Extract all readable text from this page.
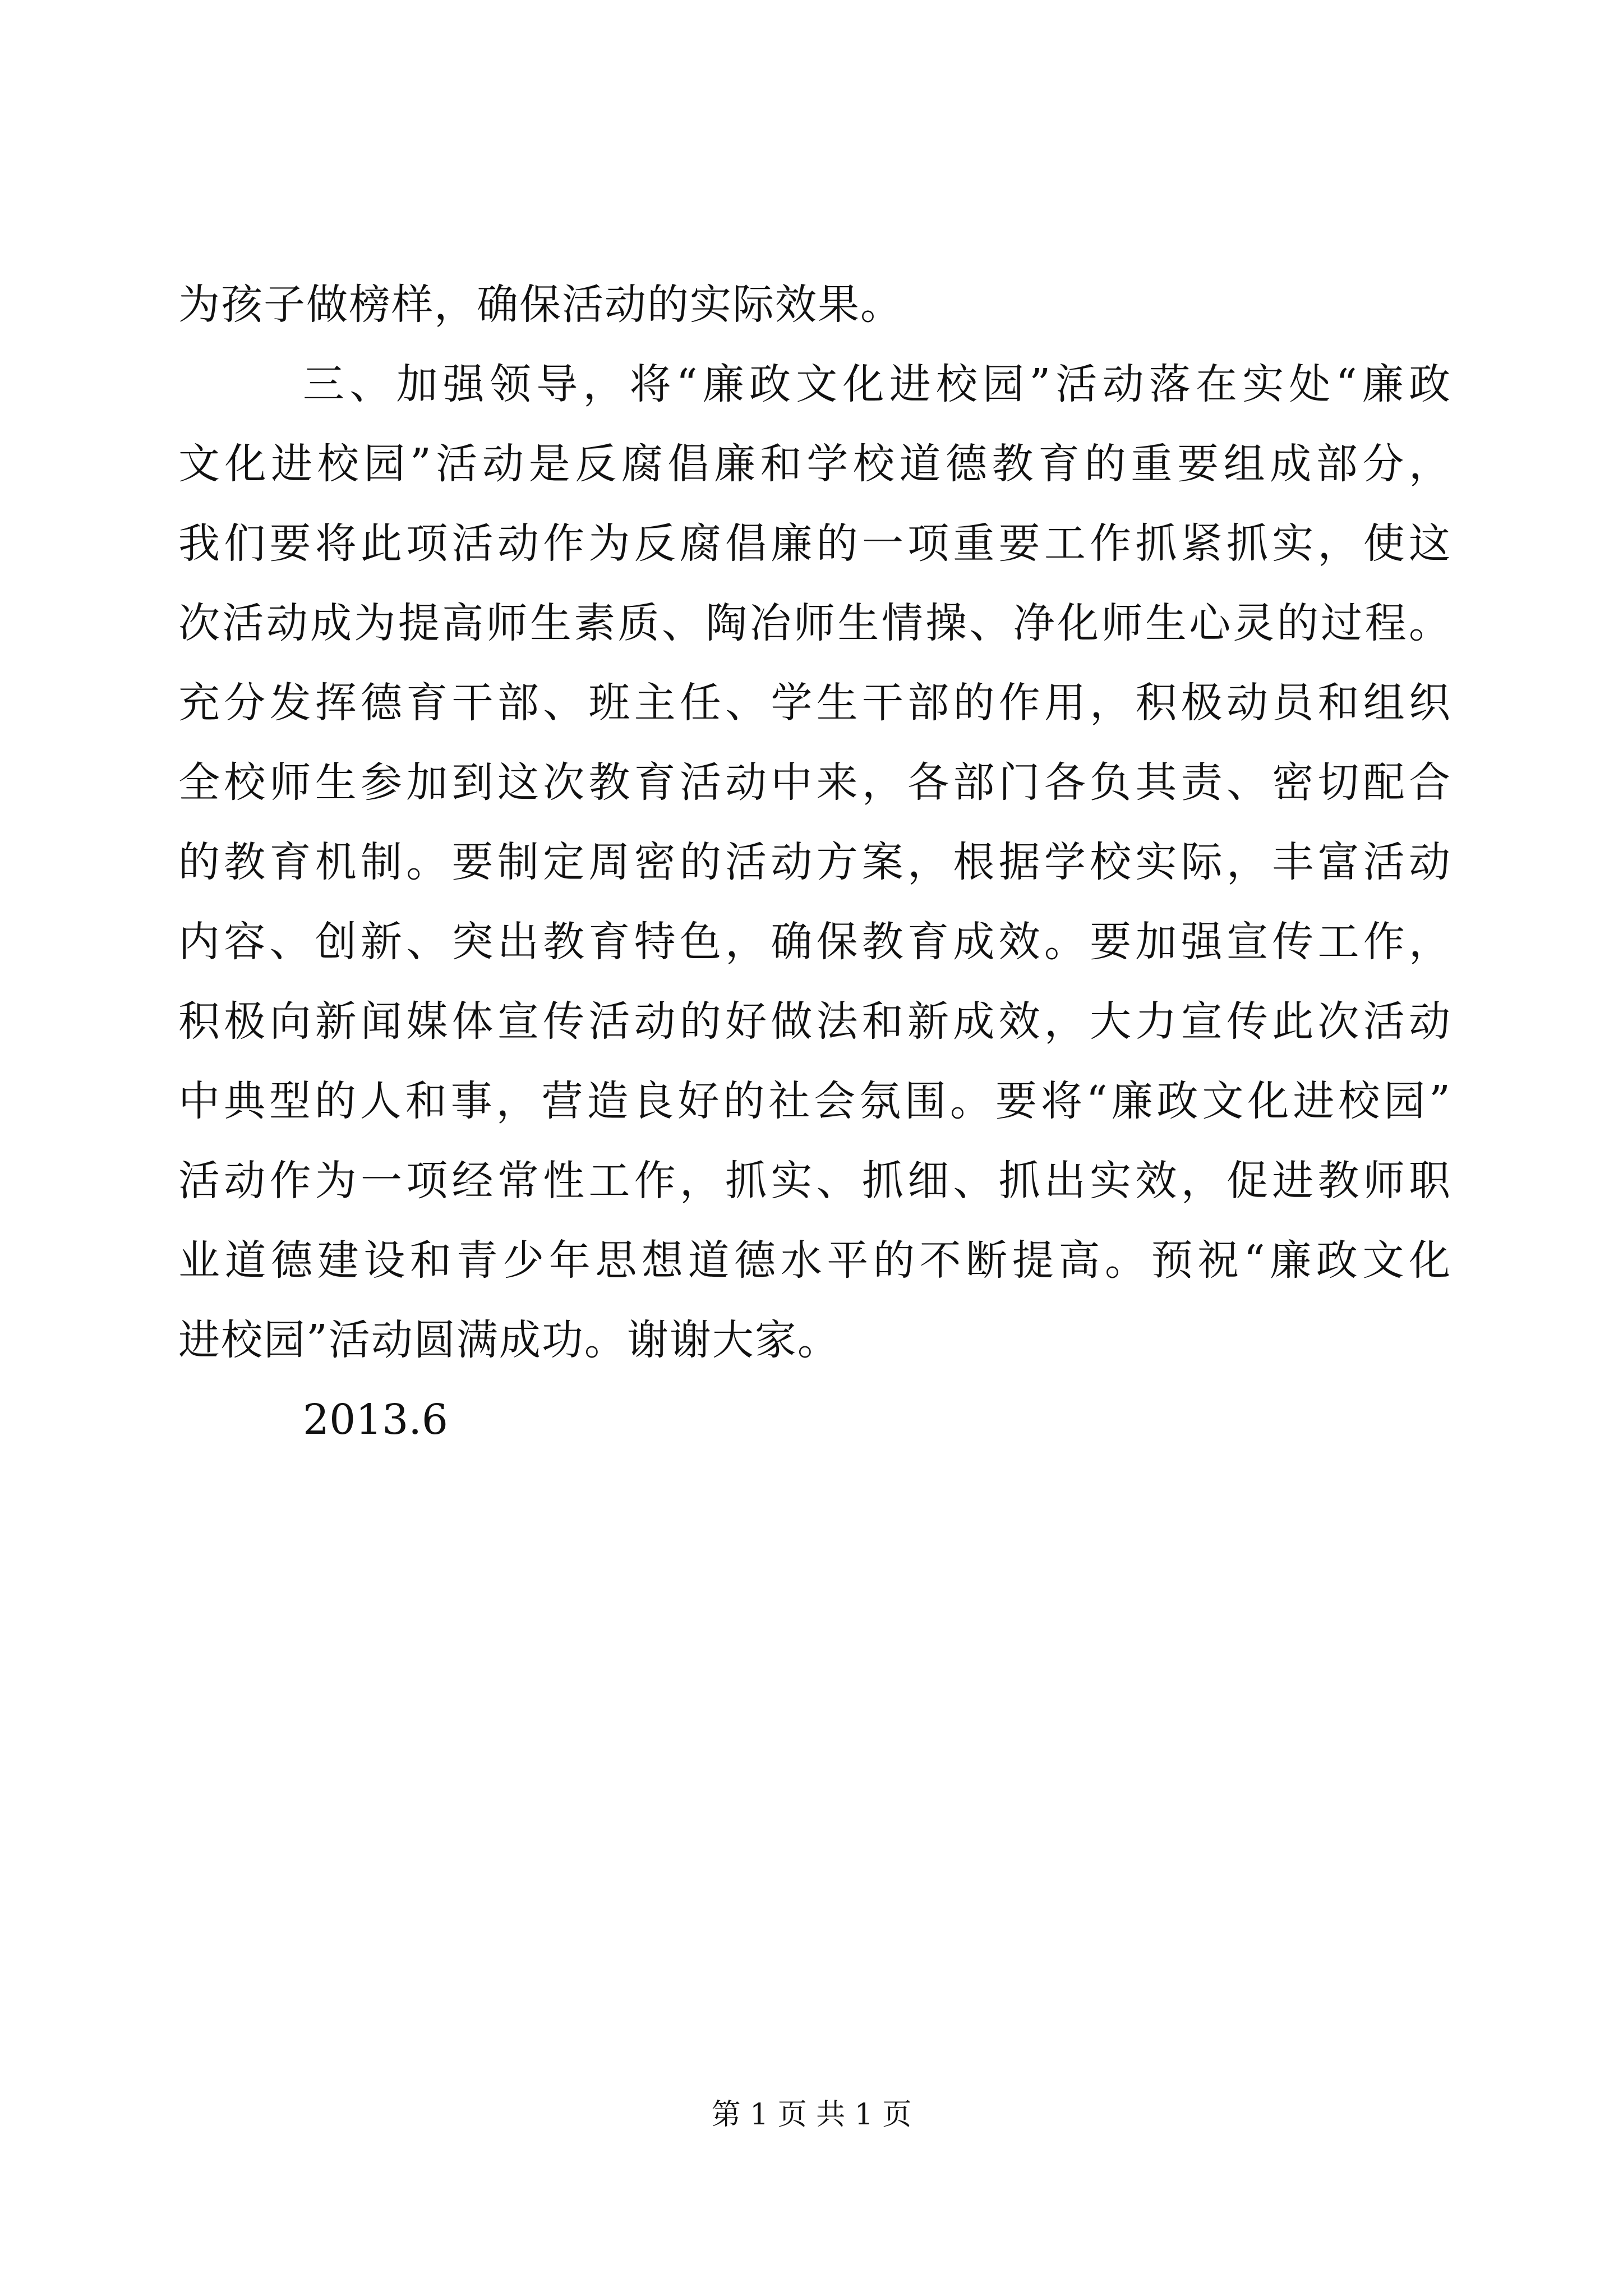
为孩子做榜样，确保活动的实际效果。
三、加强领导，将“廉政文化进校园”活动落在实处“廉政
文化进校园”活动是反腐倡廉和学校道德教育的重要组成部分，
我们要将此项活动作为反腐倡廉的一项重要工作抓紧抓实，使这
次活动成为提高师生素质、陶冶师生情操、净化师生心灵的过程。
充分发挥德育干部、班主任、学生干部的作用，积极动员和组织
全校师生参加到这次教育活动中来，各部门各负其责、密切配合
的教育机制。要制定周密的活动方案，根据学校实际，丰富活动
内容、创新、突出教育特色，确保教育成效。要加强宣传工作，
积极向新闻媒体宣传活动的好做法和新成效，大力宣传此次活动
中典型的人和事，营造良好的社会氛围。要将“廉政文化进校园”
活动作为一项经常性工作，抓实、抓细、抓出实效，促进教师职
业道德建设和青少年思想道德水平的不断提高。预祝“廉政文化
进校园”活动圆满成功。谢谢大家。
2013.6
第 1 页 共 1 页
